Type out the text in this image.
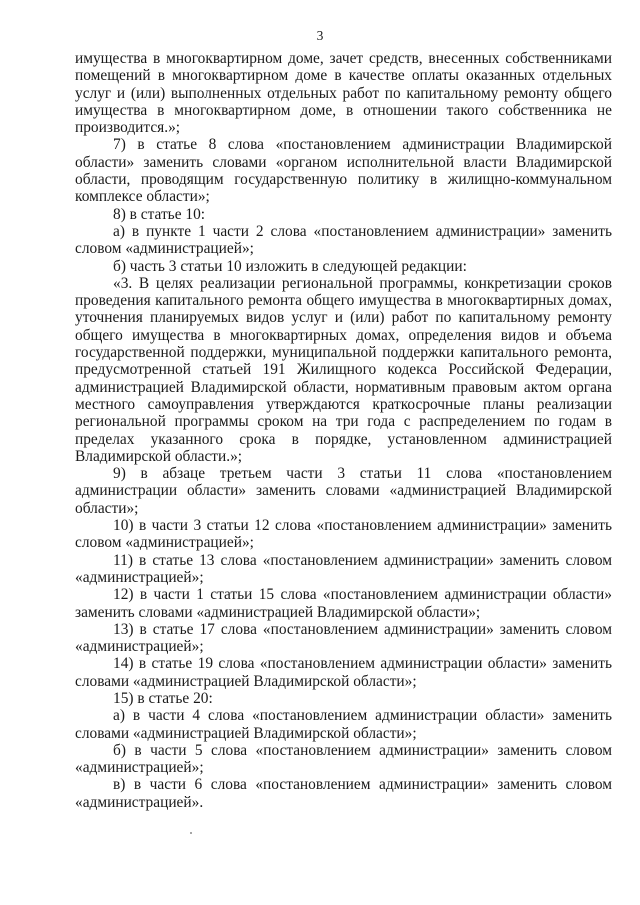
3

имущества в многоквартирном доме, зачет средств, внесенных собственниками помещений в многоквартирном доме в качестве оплаты оказанных отдельных услуг и (или) выполненных отдельных работ по капитальному ремонту общего имущества в многоквартирном доме, в отношении такого собственника не производится.»;

7) в статье 8 слова «постановлением администрации Владимирской области» заменить словами «органом исполнительной власти Владимирской области, проводящим государственную политику в жилищно-коммунальном комплексе области»;

8) в статье 10:

а) в пункте 1 части 2 слова «постановлением администрации» заменить словом «администрацией»;

б) часть 3 статьи 10 изложить в следующей редакции:

«3. В целях реализации региональной программы, конкретизации сроков проведения капитального ремонта общего имущества в многоквартирных домах, уточнения планируемых видов услуг и (или) работ по капитальному ремонту общего имущества в многоквартирных домах, определения видов и объема государственной поддержки, муниципальной поддержки капитального ремонта, предусмотренной статьей 191 Жилищного кодекса Российской Федерации, администрацией Владимирской области, нормативным правовым актом органа местного самоуправления утверждаются краткосрочные планы реализации региональной программы сроком на три года с распределением по годам в пределах указанного срока в порядке, установленном администрацией Владимирской области.»;

9) в абзаце третьем части 3 статьи 11 слова «постановлением администрации области» заменить словами «администрацией Владимирской области»;

10) в части 3 статьи 12 слова «постановлением администрации» заменить словом «администрацией»;

11) в статье 13 слова «постановлением администрации» заменить словом «администрацией»;

12) в части 1 статьи 15 слова «постановлением администрации области» заменить словами «администрацией Владимирской области»;

13) в статье 17 слова «постановлением администрации» заменить словом «администрацией»;

14) в статье 19 слова «постановлением администрации области» заменить словами «администрацией Владимирской области»;

15) в статье 20:

а) в части 4 слова «постановлением администрации области» заменить словами «администрацией Владимирской области»;

б) в части 5 слова «постановлением администрации» заменить словом «администрацией»;

в) в части 6 слова «постановлением администрации» заменить словом «администрацией».
